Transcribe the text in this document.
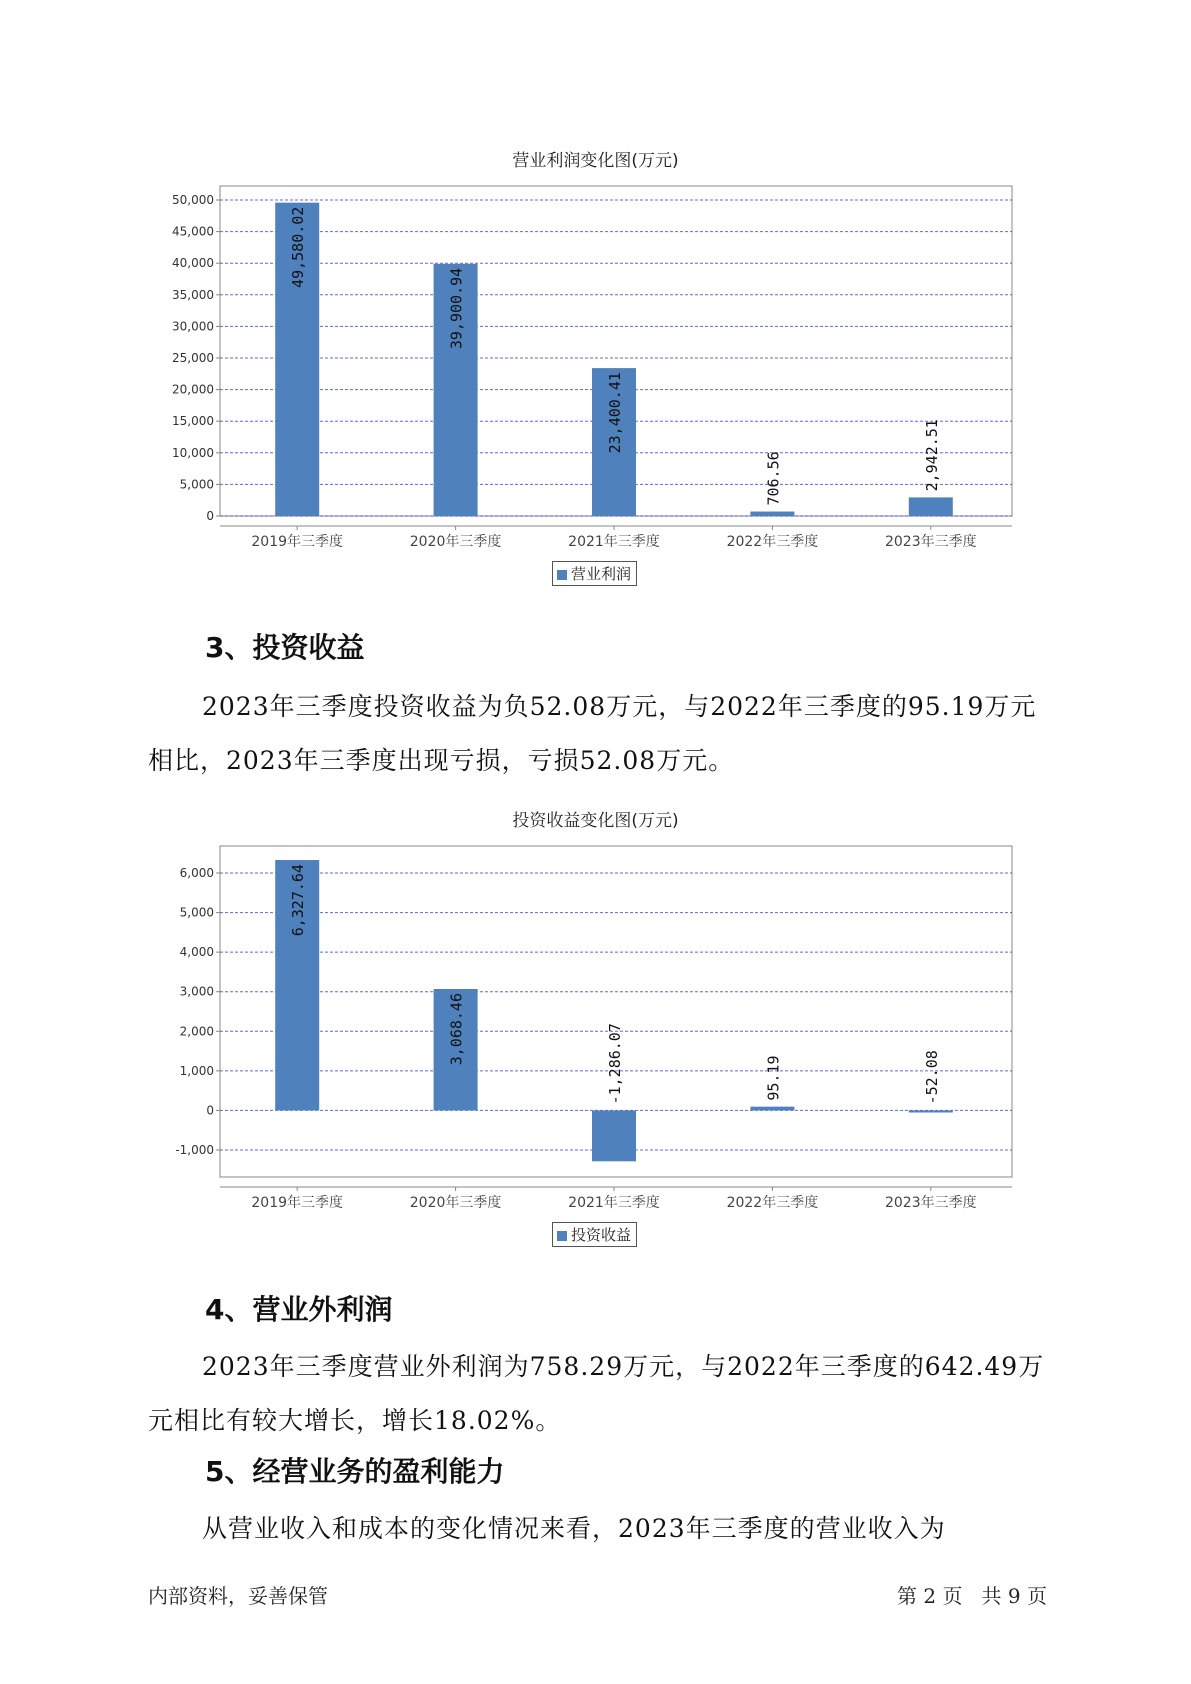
营业利润变化图(万元)
50,000
45,000
40,000
35,000
30,000
25,000
20,000
15,000
10,000
5,000
0
2019年三季度
49,580.02
2020年三季度
39,900.94
2021年三季度
23,400.41
2022年三季度
706.56
2023年三季度
2,942.51
营业利润
3、投资收益
2023年三季度投资收益为负52.08万元，与2022年三季度的95.19万元相比，2023年三季度出现亏损，亏损52.08万元。
投资收益变化图(万元)
6,000
5,000
4,000
3,000
2,000
1,000
0
-1,000
2019年三季度
6,327.64
2020年三季度
3,068.46
2021年三季度
-1,286.07
2022年三季度
95.19
2023年三季度
-52.08
投资收益
4、营业外利润
2023年三季度营业外利润为758.29万元，与2022年三季度的642.49万元相比有较大增长，增长18.02%。
5、经营业务的盈利能力
从营业收入和成本的变化情况来看，2023年三季度的营业收入为
内部资料，妥善保管	第 2 页   共 9 页
